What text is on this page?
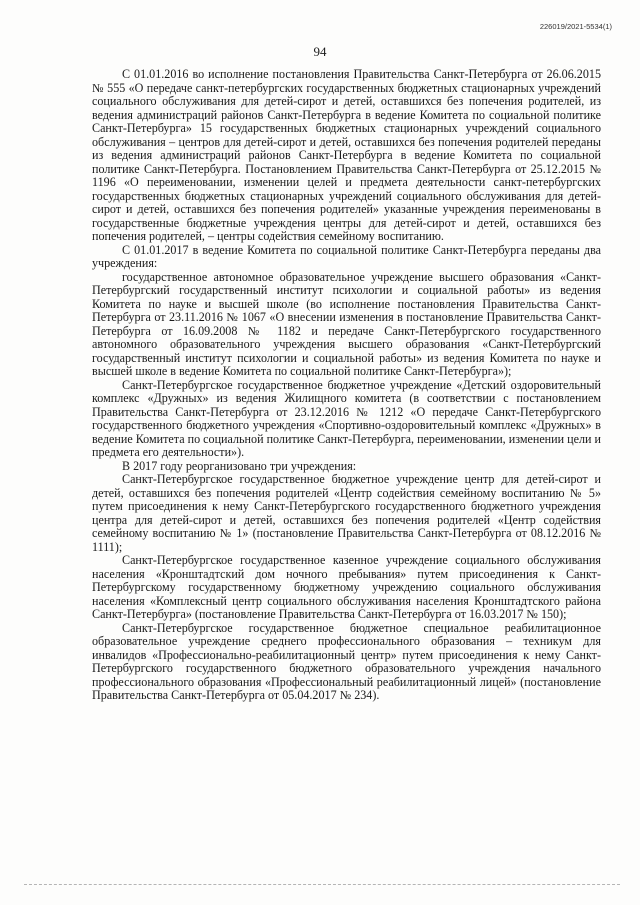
226019/2021-5534(1)
94

С 01.01.2016 во исполнение постановления Правительства Санкт-Петербурга от 26.06.2015 № 555 «О передаче санкт-петербургских государственных бюджетных стационарных учреждений социального обслуживания для детей-сирот и детей, оставшихся без попечения родителей, из ведения администраций районов Санкт-Петербурга в ведение Комитета по социальной политике Санкт-Петербурга» 15 государственных бюджетных стационарных учреждений социального обслуживания – центров для детей-сирот и детей, оставшихся без попечения родителей переданы из ведения администраций районов Санкт-Петербурга в ведение Комитета по социальной политике Санкт-Петербурга. Постановлением Правительства Санкт-Петербурга от 25.12.2015 № 1196 «О переименовании, изменении целей и предмета деятельности санкт-петербургских государственных бюджетных стационарных учреждений социального обслуживания для детей-сирот и детей, оставшихся без попечения родителей» указанные учреждения переименованы в государственные бюджетные учреждения центры для детей-сирот и детей, оставшихся без попечения родителей, – центры содействия семейному воспитанию.

С 01.01.2017 в ведение Комитета по социальной политике Санкт-Петербурга переданы два учреждения:

государственное автономное образовательное учреждение высшего образования «Санкт-Петербургский государственный институт психологии и социальной работы» из ведения Комитета по науке и высшей школе (во исполнение постановления Правительства Санкт-Петербурга от 23.11.2016 № 1067 «О внесении изменения в постановление Правительства Санкт-Петербурга от 16.09.2008 № 1182 и передаче Санкт-Петербургского государственного автономного образовательного учреждения высшего образования «Санкт-Петербургский государственный институт психологии и социальной работы» из ведения Комитета по науке и высшей школе в ведение Комитета по социальной политике Санкт-Петербурга»);

Санкт-Петербургское государственное бюджетное учреждение «Детский оздоровительный комплекс «Дружных» из ведения Жилищного комитета (в соответствии с постановлением Правительства Санкт-Петербурга от 23.12.2016 № 1212 «О передаче Санкт-Петербургского государственного бюджетного учреждения «Спортивно-оздоровительный комплекс «Дружных» в ведение Комитета по социальной политике Санкт-Петербурга, переименовании, изменении цели и предмета его деятельности»).

В 2017 году реорганизовано три учреждения:

Санкт-Петербургское государственное бюджетное учреждение центр для детей-сирот и детей, оставшихся без попечения родителей «Центр содействия семейному воспитанию № 5» путем присоединения к нему Санкт-Петербургского государственного бюджетного учреждения центра для детей-сирот и детей, оставшихся без попечения родителей «Центр содействия семейному воспитанию № 1» (постановление Правительства Санкт-Петербурга от 08.12.2016 № 1111);

Санкт-Петербургское государственное казенное учреждение социального обслуживания населения «Кронштадтский дом ночного пребывания» путем присоединения к Санкт-Петербургскому государственному бюджетному учреждению социального обслуживания населения «Комплексный центр социального обслуживания населения Кронштадтского района Санкт-Петербурга» (постановление Правительства Санкт-Петербурга от 16.03.2017 № 150);

Санкт-Петербургское государственное бюджетное специальное реабилитационное образовательное учреждение среднего профессионального образования – техникум для инвалидов «Профессионально-реабилитационный центр» путем присоединения к нему Санкт-Петербургского государственного бюджетного образовательного учреждения начального профессионального образования «Профессиональный реабилитационный лицей» (постановление Правительства Санкт-Петербурга от 05.04.2017 № 234).
